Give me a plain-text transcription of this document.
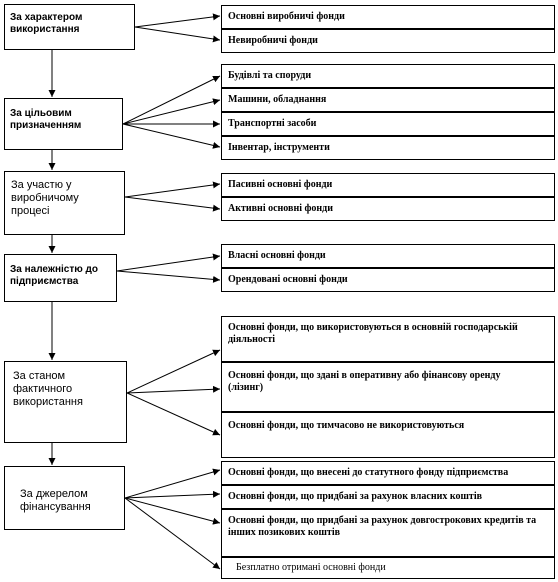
За характером використання
За цільовим призначенням
За участю у виробничому процесі
За належністю до підприємства
За станом фактичного використання
За джерелом фінансування
Основні виробничі фонди
Невиробничі фонди
Будівлі та споруди
Машини, обладнання
Транспортні засоби
Інвентар, інструменти
Пасивні основні фонди
Активні основні фонди
Власні основні фонди
Орендовані основні фонди
Основні фонди, що використовуються в основній господарській діяльності
Основні фонди, що здані в оперативну або фінансову оренду (лізинг)
Основні фонди, що тимчасово не використовуються
Основні фонди, що внесені до статутного фонду підприємства
Основні фонди, що придбані за рахунок власних коштів
Основні фонди, що придбані за рахунок довгострокових кредитів та інших позикових коштів
Безплатно отримані основні фонди
